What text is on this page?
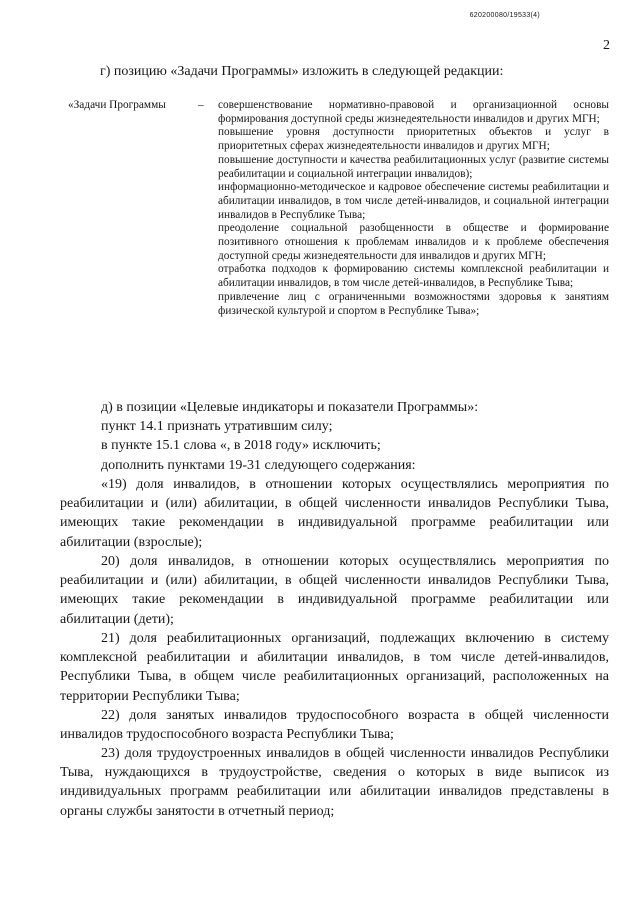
620200080/19533(4)
2
г) позицию «Задачи Программы» изложить в следующей редакции:
«Задачи Программы	– совершенствование нормативно-правовой и организационной основы формирования доступной среды жизнедеятельности инвалидов и других МГН;

повышение уровня доступности приоритетных объектов и услуг в приоритетных сферах жизнедеятельности инвалидов и других МГН;

повышение доступности и качества реабилитационных услуг (развитие системы реабилитации и социальной интеграции инвалидов);

информационно-методическое и кадровое обеспечение системы реабилитации и абилитации инвалидов, в том числе детей-инвалидов, и социальной интеграции инвалидов в Республике Тыва;

преодоление социальной разобщенности в обществе и формирование позитивного отношения к проблемам инвалидов и к проблеме обеспечения доступной среды жизнедеятельности для инвалидов и других МГН;

отработка подходов к формированию системы комплексной реабилитации и абилитации инвалидов, в том числе детей-инвалидов, в Республике Тыва;

привлечение лиц с ограниченными возможностями здоровья к занятиям физической культурой и спортом в Республике Тыва»;

д) в позиции «Целевые индикаторы и показатели Программы»:

пункт 14.1 признать утратившим силу;

в пункте 15.1 слова «, в 2018 году» исключить;

дополнить пунктами 19-31 следующего содержания:

«19) доля инвалидов, в отношении которых осуществлялись мероприятия по реабилитации и (или) абилитации, в общей численности инвалидов Республики Тыва, имеющих такие рекомендации в индивидуальной программе реабилитации или абилитации (взрослые);

20) доля инвалидов, в отношении которых осуществлялись мероприятия по реабилитации и (или) абилитации, в общей численности инвалидов Республики Тыва, имеющих такие рекомендации в индивидуальной программе реабилитации или абилитации (дети);

21) доля реабилитационных организаций, подлежащих включению в систему комплексной реабилитации и абилитации инвалидов, в том числе детей-инвалидов, Республики Тыва, в общем числе реабилитационных организаций, расположенных на территории Республики Тыва;

22) доля занятых инвалидов трудоспособного возраста в общей численности инвалидов трудоспособного возраста Республики Тыва;

23) доля трудоустроенных инвалидов в общей численности инвалидов Республики Тыва, нуждающихся в трудоустройстве, сведения о которых в виде выписок из индивидуальных программ реабилитации или абилитации инвалидов представлены в органы службы занятости в отчетный период;
